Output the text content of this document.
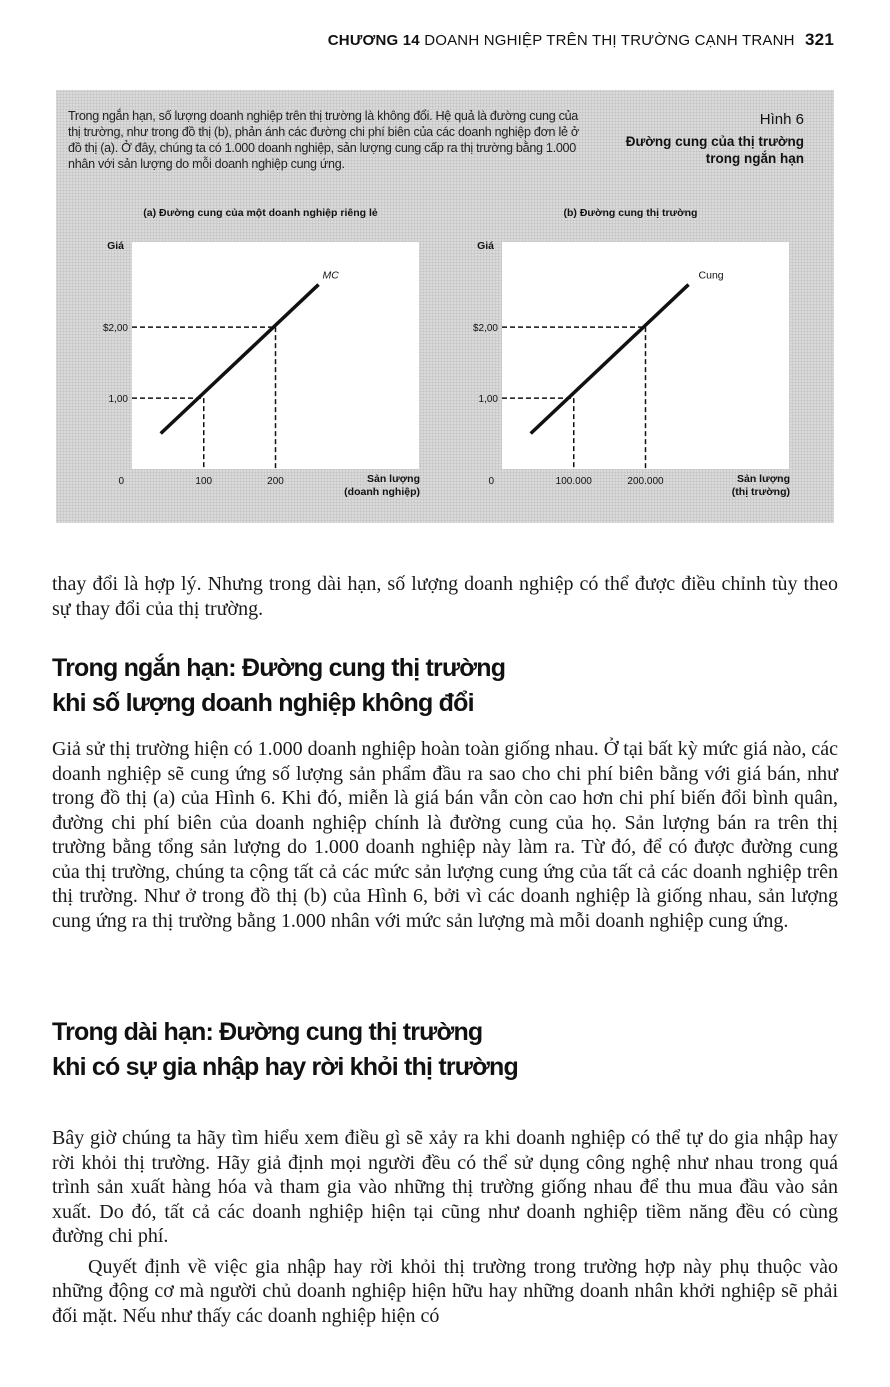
CHƯƠNG 14 DOANH NGHIỆP TRÊN THỊ TRƯỜNG CẠNH TRANH 321
Trong ngắn hạn, số lượng doanh nghiệp trên thị trường là không đổi. Hệ quả là đường cung của thị trường, như trong đồ thị (b), phản ánh các đường chi phí biên của các doanh nghiệp đơn lẻ ở đồ thị (a). Ở đây, chúng ta có 1.000 doanh nghiệp, sản lượng cung cấp ra thị trường bằng 1.000 nhân với sản lượng do mỗi doanh nghiệp cung ứng.
Hình 6
Đường cung của thị trường trong ngắn hạn
(a) Đường cung của một doanh nghiệp riêng lẻ
Giá
0	Sản lượng
(doanh nghiệp)
100	200
1,00
$2,00
MC
(b) Đường cung thị trường
Giá
0	Sản lượng
(thị trường)
100.000	200.000
1,00
$2,00
Cung

thay đổi là hợp lý. Nhưng trong dài hạn, số lượng doanh nghiệp có thể được điều chỉnh tùy theo sự thay đổi của thị trường.

Trong ngắn hạn: Đường cung thị trường
khi số lượng doanh nghiệp không đổi

Giả sử thị trường hiện có 1.000 doanh nghiệp hoàn toàn giống nhau. Ở tại bất kỳ mức giá nào, các doanh nghiệp sẽ cung ứng số lượng sản phẩm đầu ra sao cho chi phí biên bằng với giá bán, như trong đồ thị (a) của Hình 6. Khi đó, miễn là giá bán vẫn còn cao hơn chi phí biến đổi bình quân, đường chi phí biên của doanh nghiệp chính là đường cung của họ. Sản lượng bán ra trên thị trường bằng tổng sản lượng do 1.000 doanh nghiệp này làm ra. Từ đó, để có được đường cung của thị trường, chúng ta cộng tất cả các mức sản lượng cung ứng của tất cả các doanh nghiệp trên thị trường. Như ở trong đồ thị (b) của Hình 6, bởi vì các doanh nghiệp là giống nhau, sản lượng cung ứng ra thị trường bằng 1.000 nhân với mức sản lượng mà mỗi doanh nghiệp cung ứng.

Trong dài hạn: Đường cung thị trường
khi có sự gia nhập hay rời khỏi thị trường

Bây giờ chúng ta hãy tìm hiểu xem điều gì sẽ xảy ra khi doanh nghiệp có thể tự do gia nhập hay rời khỏi thị trường. Hãy giả định mọi người đều có thể sử dụng công nghệ như nhau trong quá trình sản xuất hàng hóa và tham gia vào những thị trường giống nhau để thu mua đầu vào sản xuất. Do đó, tất cả các doanh nghiệp hiện tại cũng như doanh nghiệp tiềm năng đều có cùng đường chi phí.

Quyết định về việc gia nhập hay rời khỏi thị trường trong trường hợp này phụ thuộc vào những động cơ mà người chủ doanh nghiệp hiện hữu hay những doanh nhân khởi nghiệp sẽ phải đối mặt. Nếu như thấy các doanh nghiệp hiện có
